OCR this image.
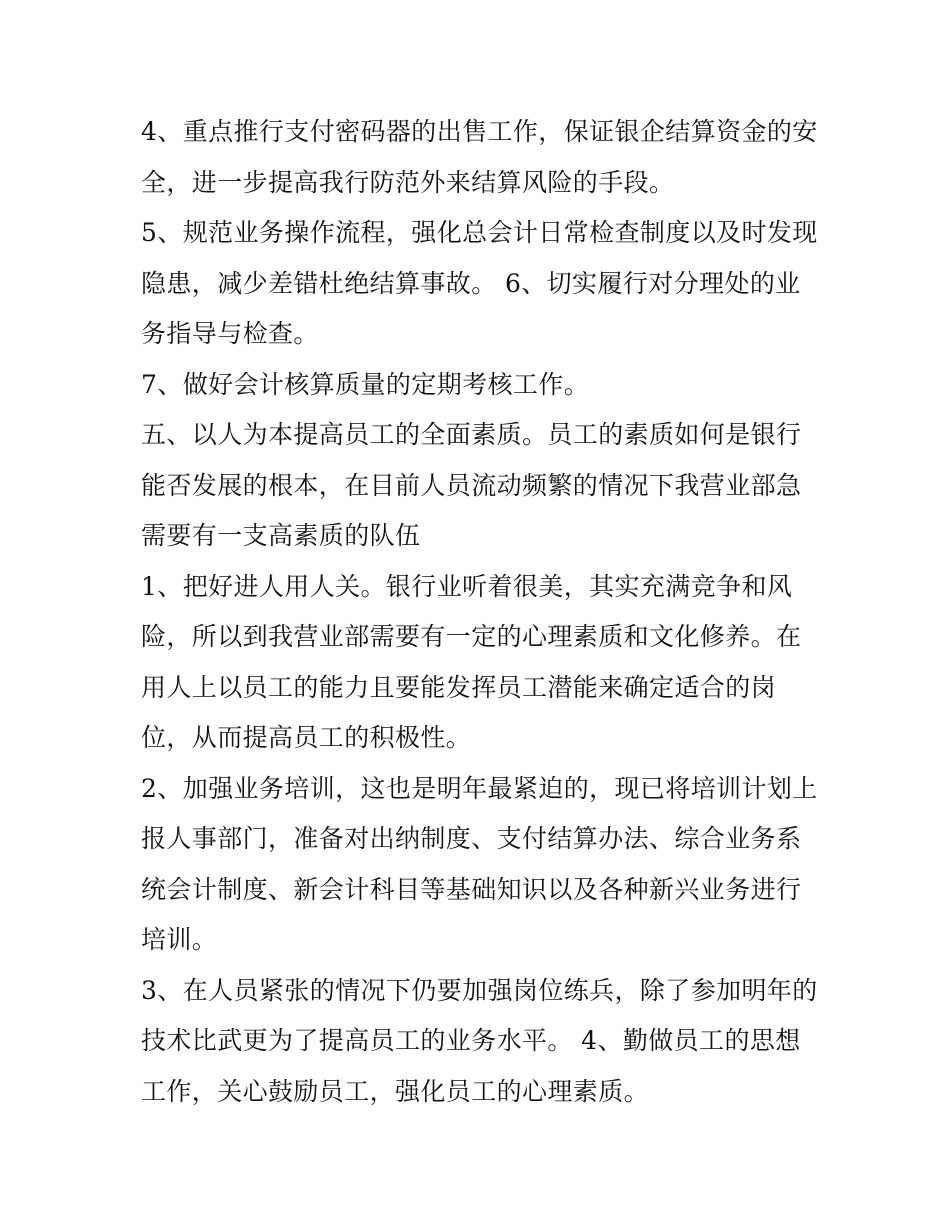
4、重点推行支付密码器的出售工作，保证银企结算资金的安全，进一步提高我行防范外来结算风险的手段。

5、规范业务操作流程，强化总会计日常检查制度以及时发现隐患，减少差错杜绝结算事故。 6、切实履行对分理处的业务指导与检查。

7、做好会计核算质量的定期考核工作。

五、以人为本提高员工的全面素质。员工的素质如何是银行能否发展的根本，在目前人员流动频繁的情况下我营业部急需要有一支高素质的队伍

1、把好进人用人关。银行业听着很美，其实充满竞争和风险，所以到我营业部需要有一定的心理素质和文化修养。在用人上以员工的能力且要能发挥员工潜能来确定适合的岗位，从而提高员工的积极性。

2、加强业务培训，这也是明年最紧迫的，现已将培训计划上报人事部门，准备对出纳制度、支付结算办法、综合业务系统会计制度、新会计科目等基础知识以及各种新兴业务进行培训。

3、在人员紧张的情况下仍要加强岗位练兵，除了参加明年的技术比武更为了提高员工的业务水平。 4、勤做员工的思想工作，关心鼓励员工，强化员工的心理素质。
